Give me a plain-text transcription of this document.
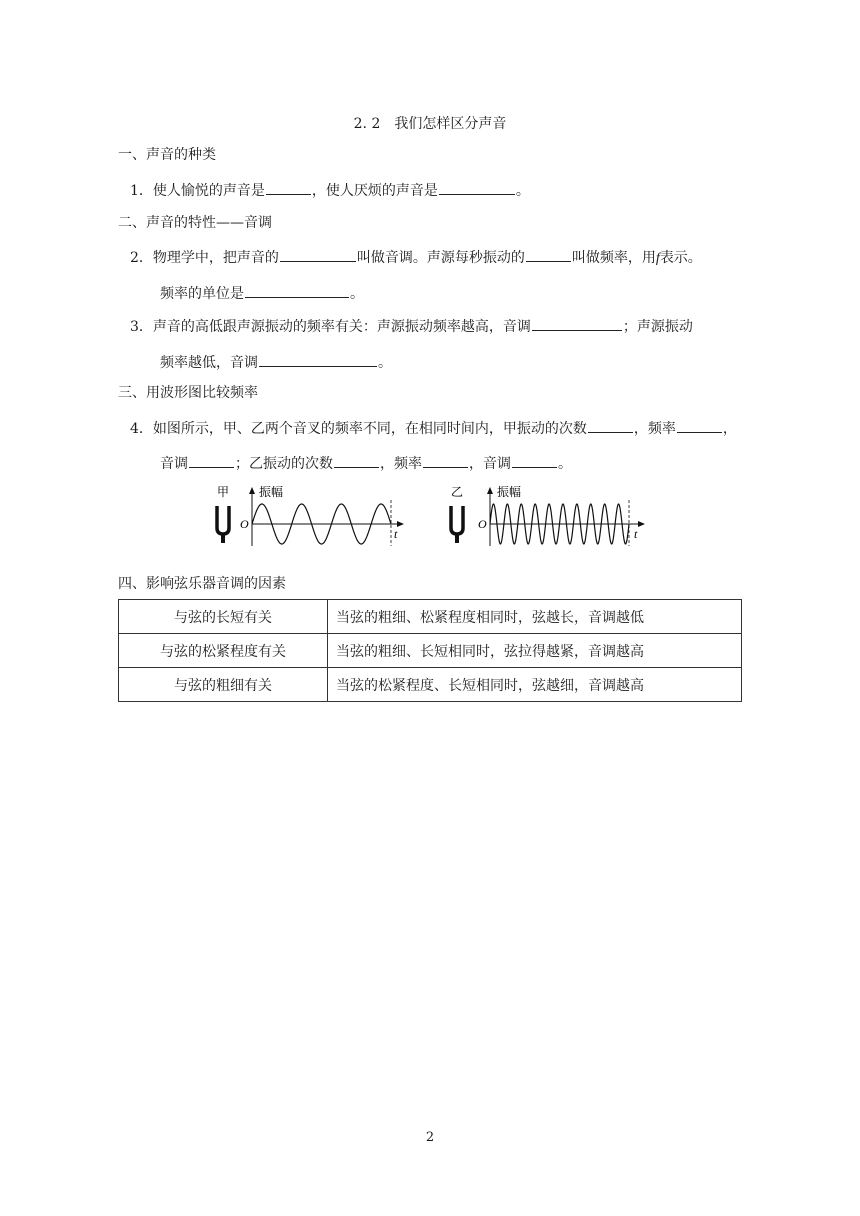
2. 2　我们怎样区分声音
一、声音的种类
1．使人愉悦的声音是	，使人厌烦的声音是	。
二、声音的特性——音调
2．物理学中，把声音的	叫做音调。声源每秒振动的	叫做频率，用f表示。
频率的单位是	。
3．声音的高低跟声源振动的频率有关：声源振动频率越高，音调	；声源振动
频率越低，音调	。
三、用波形图比较频率
4．如图所示，甲、乙两个音叉的频率不同，在相同时间内，甲振动的次数	，频率	，
音调	；乙振动的次数	，频率	，音调	。
甲 振幅
O
t
乙	振幅
O
t
四、影响弦乐器音调的因素
与弦的长短有关	当弦的粗细、松紧程度相同时，弦越长，音调越低
与弦的松紧程度有关	当弦的粗细、长短相同时，弦拉得越紧，音调越高
与弦的粗细有关	当弦的松紧程度、长短相同时，弦越细，音调越高
2
